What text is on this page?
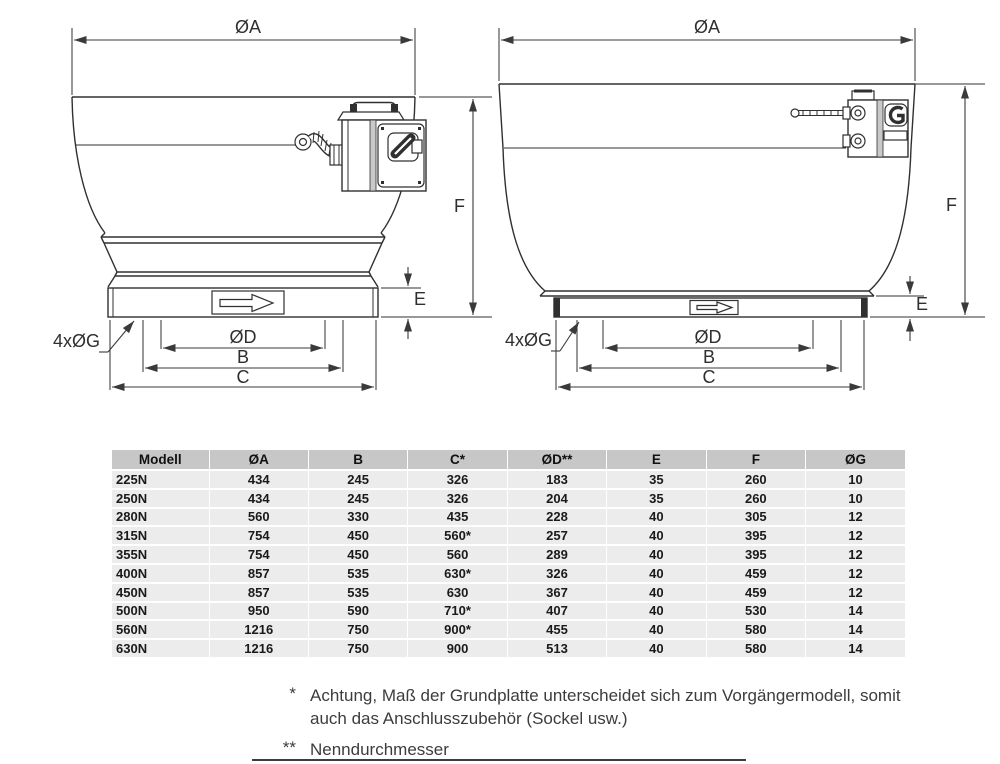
ØA
F
E
ØD
B
C
4xØG
ØA
F
E
ØD
B
C
4xØG
Modell	ØA	B	C*	ØD**	E	F	ØG
225N	434	245	326	183	35	260	10
250N	434	245	326	204	35	260	10
280N	560	330	435	228	40	305	12
315N	754	450	560*	257	40	395	12
355N	754	450	560	289	40	395	12
400N	857	535	630*	326	40	459	12
450N	857	535	630	367	40	459	12
500N	950	590	710*	407	40	530	14
560N	1216	750	900*	455	40	580	14
630N	1216	750	900	513	40	580	14
* Achtung, Maß der Grundplatte unterscheidet sich zum Vorgängermodell, somit auch das Anschlusszubehör (Sockel usw.)
** Nenndurchmesser
